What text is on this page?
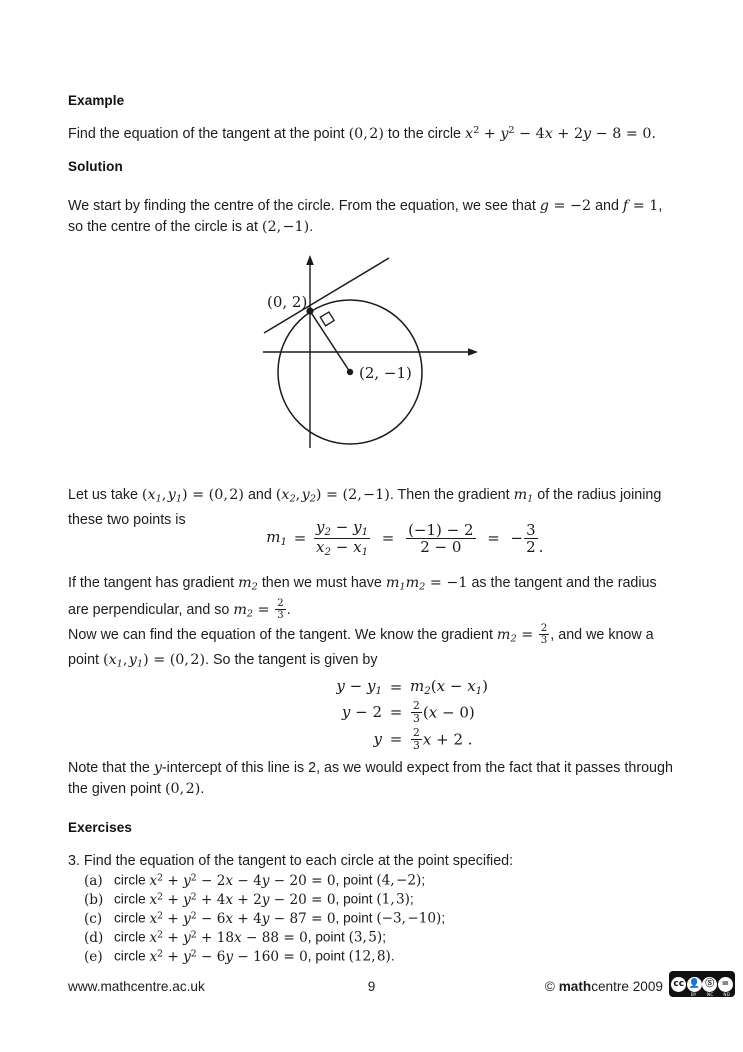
Example

Find the equation of the tangent at the point (0, 2) to the circle $x^2 + y^2 - 4x + 2y - 8 = 0$.

Solution

We start by finding the centre of the circle. From the equation, we see that g = −2 and f = 1,
so the centre of the circle is at (2, −1).

(0, 2)
(2, −1)

Let us take (x1, y1) = (0, 2) and (x2, y2) = (2, −1). Then the gradient m1 of the radius joining
these two points is

$m1 = \frac{y2 - y1}{x2 - x1} = \frac{(-1) - 2}{2 - 0}$ = − $\frac{3}{2}$ .

If the tangent has gradient m2 then we must have m1m2 = −1 as the tangent and the radius
are perpendicular, and so $m2 = \frac{2}{3}$ .

Now we can find the equation of the tangent. We know the gradient $m2 = \frac{2}{3}$ , and we know a
point (x1, y1) = (0, 2). So the tangent is given by

y − y1 = m2(x − x1)
$y - 2 = \frac{2}{3} (x - 0)$
$y = \frac{2}{3}$ x + 2 .

Note that the y-intercept of this line is 2, as we would expect from the fact that it passes through
the given point (0, 2).

Exercises

3. Find the equation of the tangent to each circle at the point specified:

(a) circle $x^2 + y^2 - 2x - 4y - 20 = 0$, point (4, −2);
(b) circle $x^2 + y^2 + 4x + 2y - 20 = 0$, point (1, 3);
(c) circle $x^2 + y^2 - 6x + 4y - 87 = 0$, point (−3, −10);
(d) circle $x^2 + y^2 + 18x - 88 = 0$, point (3, 5);
(e) circle $x^2 + y^2 - 6y - 160 = 0$, point (12, 8).
www.mathcentre.ac.uk	9	© mathcentre 2009 cc 👤 Ⓢ =
BY	NC	ND
